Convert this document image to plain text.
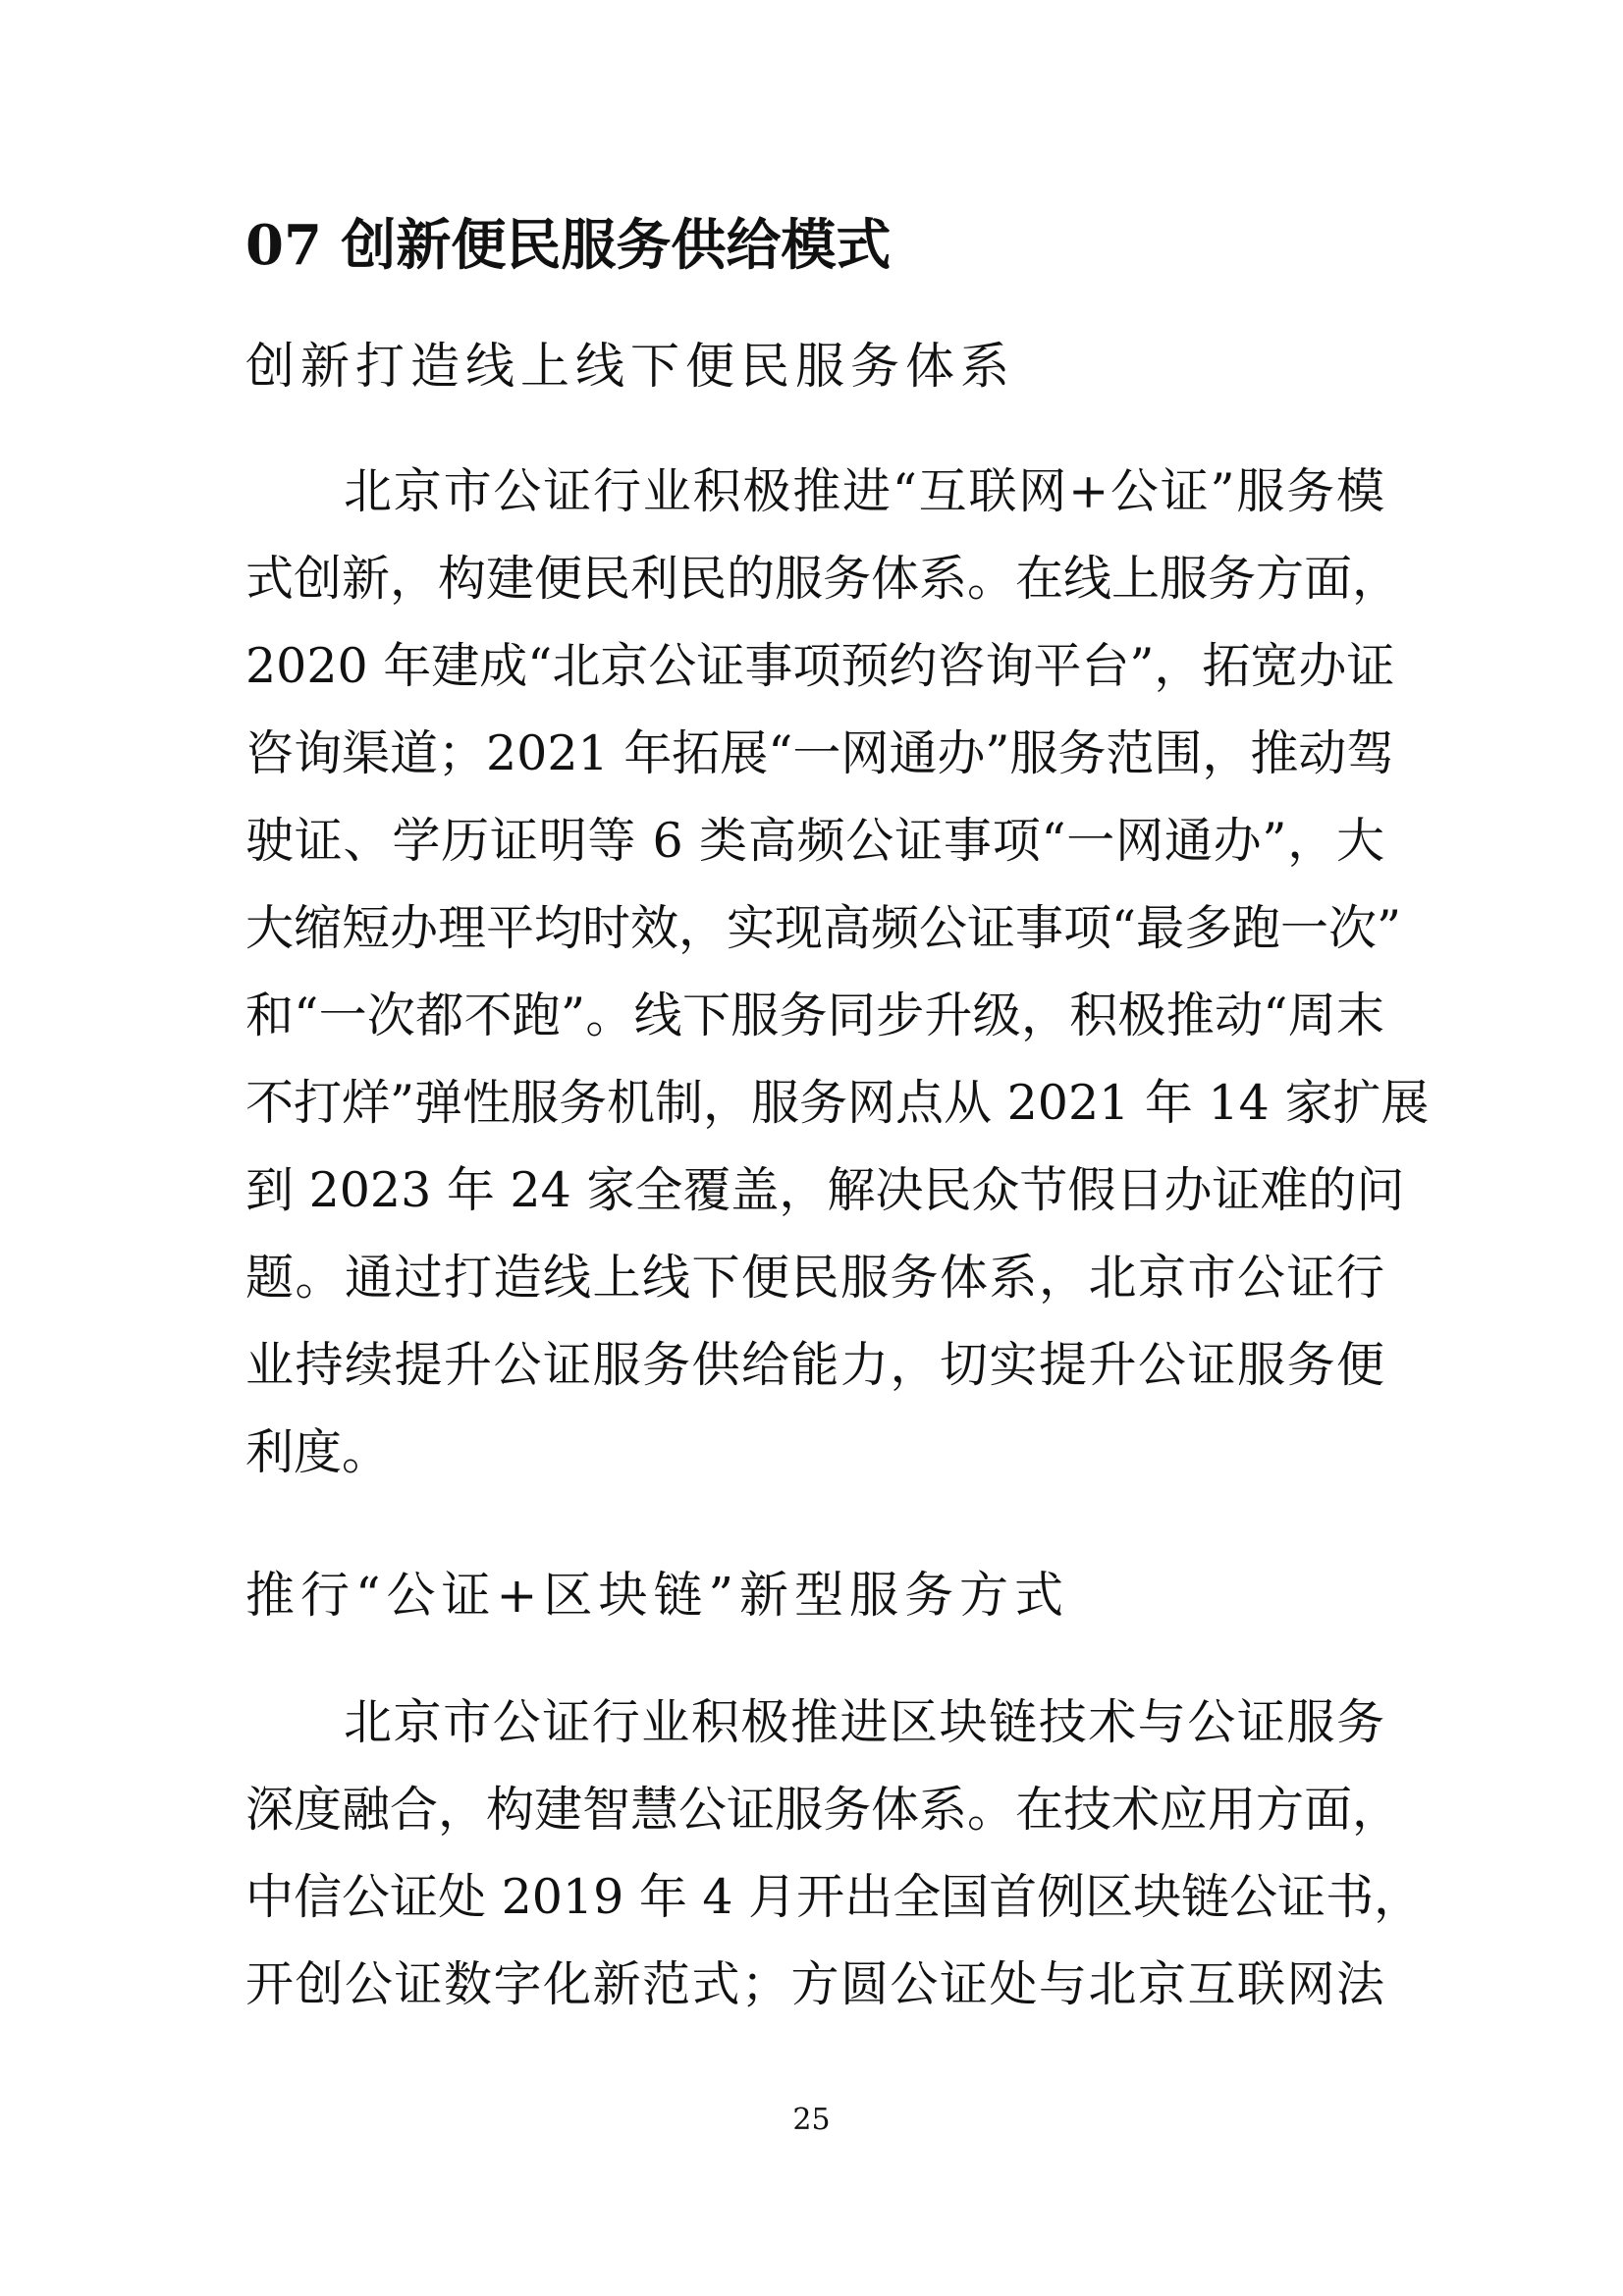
07 创新便民服务供给模式
创新打造线上线下便民服务体系
北京市公证行业积极推进“互联网+公证”服务模
式创新，构建便民利民的服务体系。在线上服务方面，
2020 年建成“北京公证事项预约咨询平台”，拓宽办证
咨询渠道；2021 年拓展“一网通办”服务范围，推动驾
驶证、学历证明等 6 类高频公证事项“一网通办”，大
大缩短办理平均时效，实现高频公证事项“最多跑一次”
和“一次都不跑”。线下服务同步升级，积极推动“周末
不打烊”弹性服务机制，服务网点从 2021 年 14 家扩展
到 2023 年 24 家全覆盖，解决民众节假日办证难的问
题。通过打造线上线下便民服务体系，北京市公证行
业持续提升公证服务供给能力，切实提升公证服务便
利度。
推行“公证+区块链”新型服务方式
北京市公证行业积极推进区块链技术与公证服务
深度融合，构建智慧公证服务体系。在技术应用方面，
中信公证处 2019 年 4 月开出全国首例区块链公证书，
开创公证数字化新范式；方圆公证处与北京互联网法
25
